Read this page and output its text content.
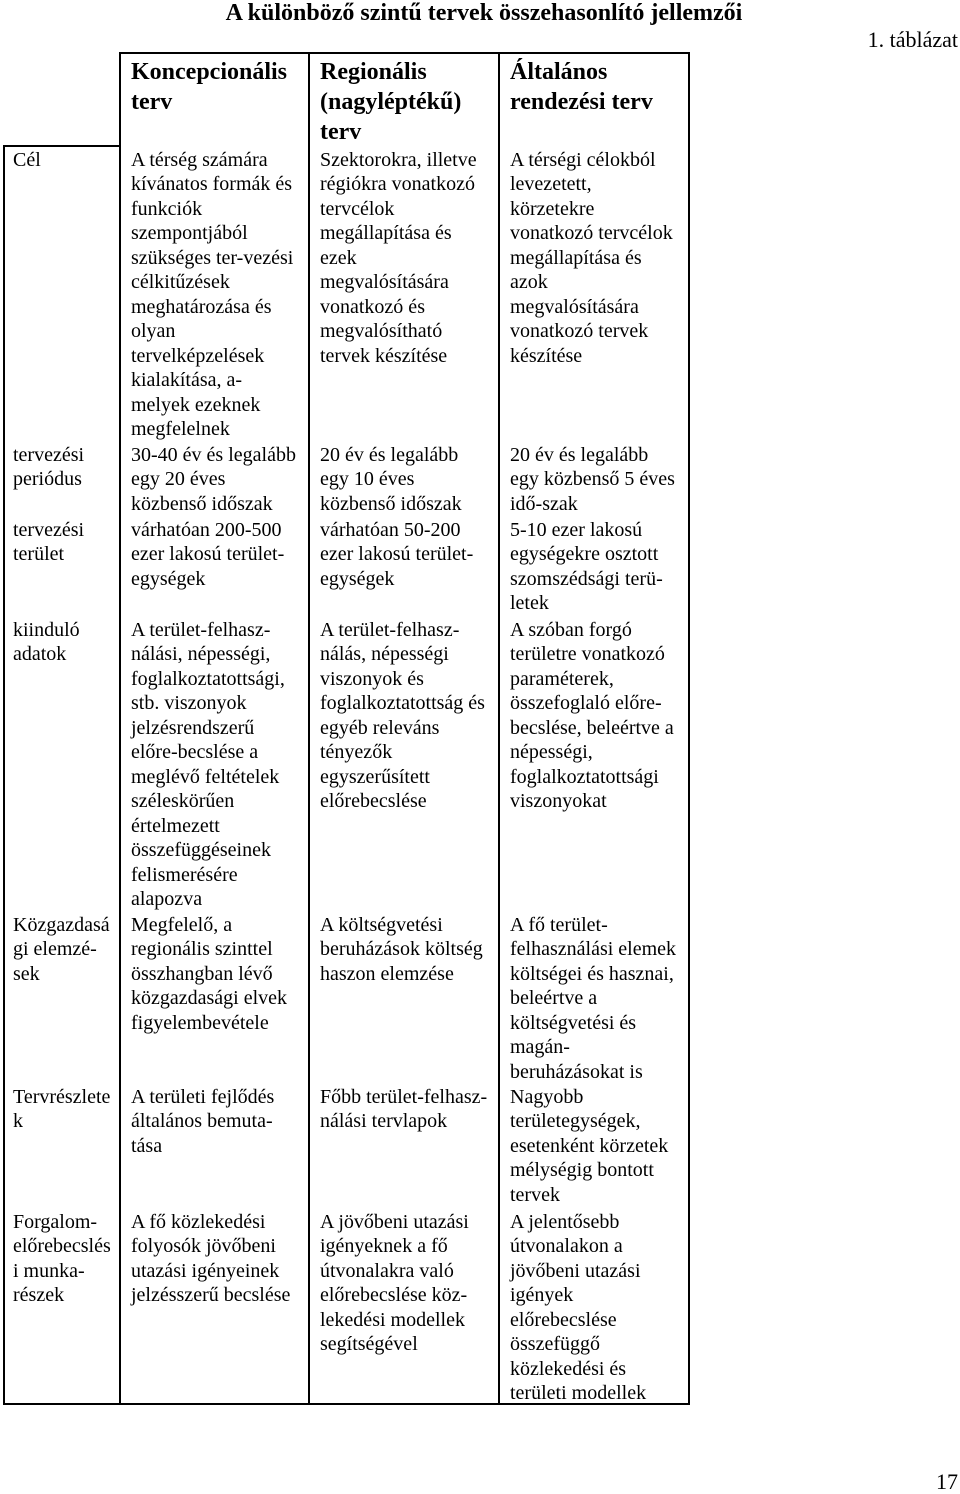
A különböző szintű tervek összehasonlító jellemzői
1. táblázat
Koncepcionális
terv
Regionális
(nagyléptékű)
terv
Általános
rendezési terv
Cél	A térség számára
kívánatos formák és
funkciók
szempontjából
szükséges ter-vezési
célkitűzések
meghatározása és
olyan
tervelképzelések
kialakítása, a-
melyek ezeknek
megfelelnek
Szektorokra, illetve
régiókra vonatkozó
tervcélok
megállapítása és
ezek
megvalósítására
vonatkozó és
megvalósítható
tervek készítése
A térségi célokból
levezetett,
körzetekre
vonatkozó tervcélok
megállapítása és
azok
megvalósítására
vonatkozó tervek
készítése
tervezési
periódus
30-40 év és legalább
egy 20 éves
közbenső időszak
20 év és legalább
egy 10 éves
közbenső időszak
20 év és legalább
egy közbenső 5 éves
idő-szak
tervezési
terület
várhatóan 200-500
ezer lakosú terület-
egységek
várhatóan 50-200
ezer lakosú terület-
egységek
5-10 ezer lakosú
egységekre osztott
szomszédsági terü-
letek
kiinduló
adatok
A terület-felhasz-
nálási, népességi,
foglalkoztatottsági,
stb. viszonyok
jelzésrendszerű
előre-becslése a
meglévő feltételek
széleskörűen
értelmezett
összefüggéseinek
felismerésére
alapozva
A terület-felhasz-
nálás, népességi
viszonyok és
foglalkoztatottság és
egyéb releváns
tényezők
egyszerűsített
előrebecslése
A szóban forgó
területre vonatkozó
paraméterek,
összefoglaló előre-
becslése, beleértve a
népességi,
foglalkoztatottsági
viszonyokat
Közgazdasá
gi elemzé-
sek
Megfelelő, a
regionális szinttel
összhangban lévő
közgazdasági elvek
figyelembevétele
A költségvetési
beruházások költség
haszon elemzése
A fő terület-
felhasználási elemek
költségei és hasznai,
beleértve a
költségvetési és
magán-
beruházásokat is
Tervrészlete
k
A területi fejlődés
általános bemuta-
tása
Főbb terület-felhasz-
nálási tervlapok
Nagyobb
területegységek,
esetenként körzetek
mélységig bontott
tervek
Forgalom-
előrebecslés
i munka-
részek
A fő közlekedési
folyosók jövőbeni
utazási igényeinek
jelzésszerű becslése
A jövőbeni utazási
igényeknek a fő
útvonalakra való
előrebecslése köz-
lekedési modellek
segítségével
A jelentősebb
útvonalakon a
jövőbeni utazási
igények
előrebecslése
összefüggő
közlekedési és
területi modellek
17
